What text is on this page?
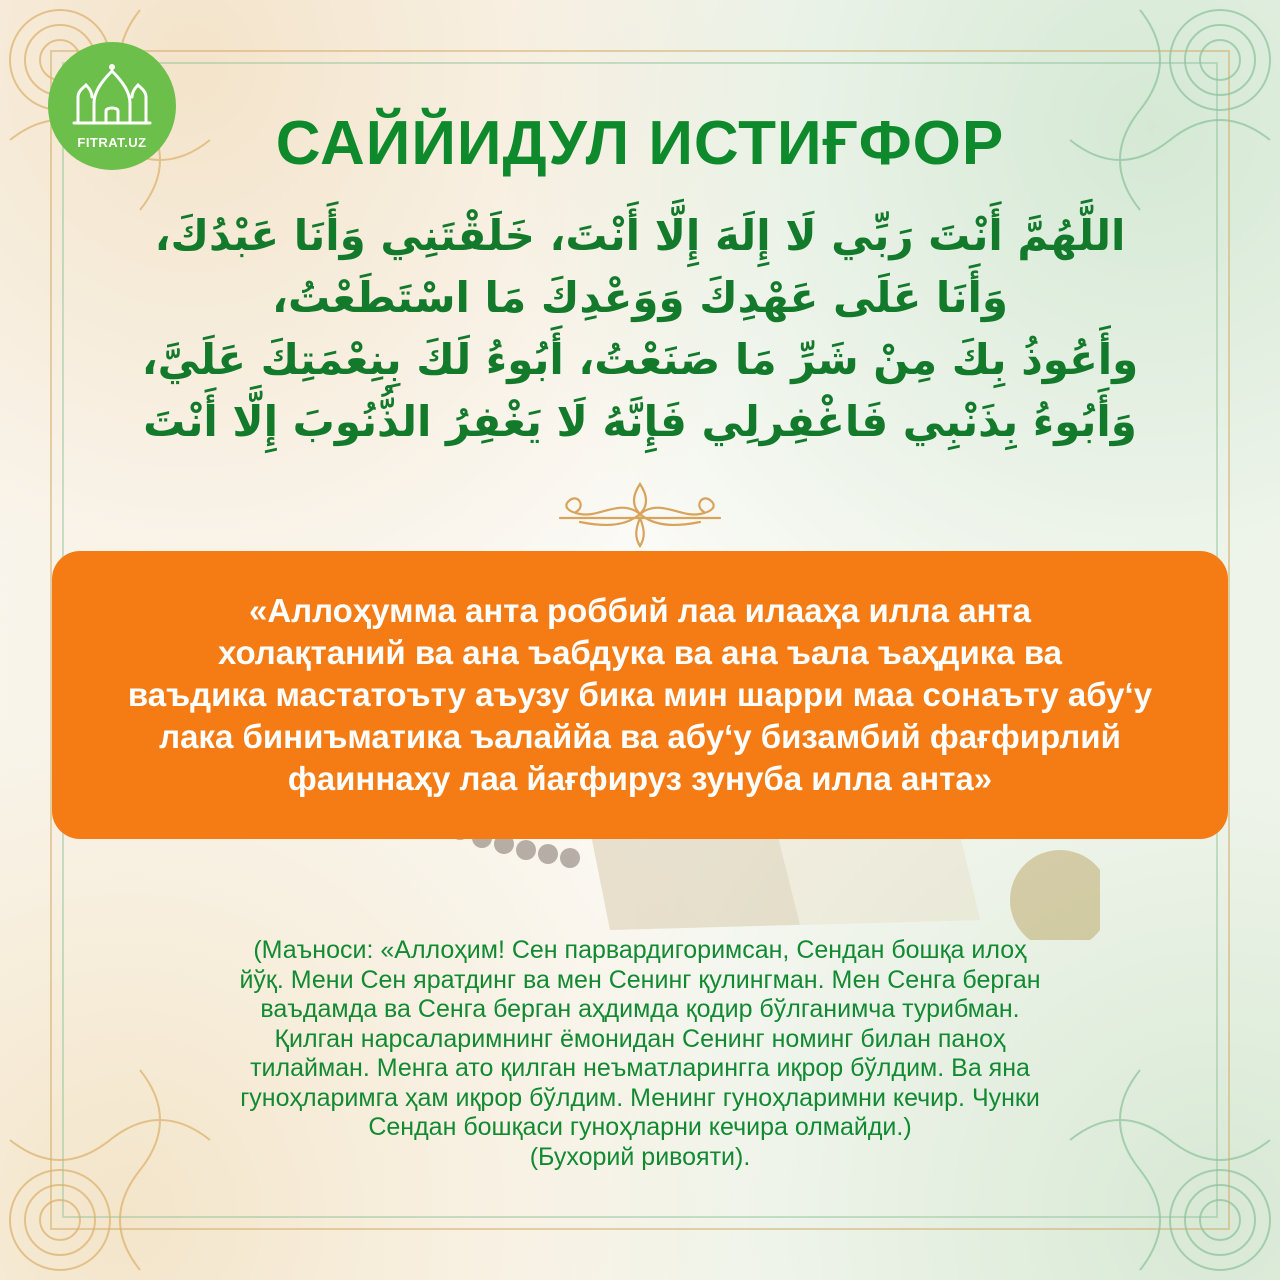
FITRAT.UZ	САЙЙИДУЛ ИСТИҒФОР
اللَّهُمَّ أَنْتَ رَبِّي لَا إِلَهَ إِلَّا أَنْتَ، خَلَقْتَنِي وَأَنَا عَبْدُكَ،
وَأَنَا عَلَى عَهْدِكَ وَوَعْدِكَ مَا اسْتَطَعْتُ،
وأَعُوذُ بِكَ مِنْ شَرِّ مَا صَنَعْتُ، أَبُوءُ لَكَ بِنِعْمَتِكَ عَلَيَّ،
وَأَبُوءُ بِذَنْبِي فَاغْفِرلِي فَإِنَّهُ لَا يَغْفِرُ الذُّنُوبَ إِلَّا أَنْتَ
«Аллоҳумма анта роббий лаа илааҳа илла анта
холақтаний ва ана ъабдука ва ана ъала ъаҳдика ва
ваъдика мастатоъту аъузу бика мин шарри маа сонаъту абу‘у
лака биниъматика ъалаййа ва абу‘у бизамбий фағфирлий
фаиннаҳу лаа йағфируз зунуба илла анта»
(Маъноси: «Аллоҳим! Сен парвардигоримсан, Сендан бошқа илоҳ
йўқ. Мени Сен яратдинг ва мен Сенинг қулингман. Мен Сенга берган
ваъдамда ва Сенга берган аҳдимда қодир бўлганимча турибман.
Қилган нарсаларимнинг ёмонидан Сенинг номинг билан паноҳ
тилайман. Менга ато қилган неъматларингга иқрор бўлдим. Ва яна
гуноҳларимга ҳам иқрор бўлдим. Менинг гуноҳларимни кечир. Чунки
Сендан бошқаси гуноҳларни кечира олмайди.)
(Бухорий ривояти).
